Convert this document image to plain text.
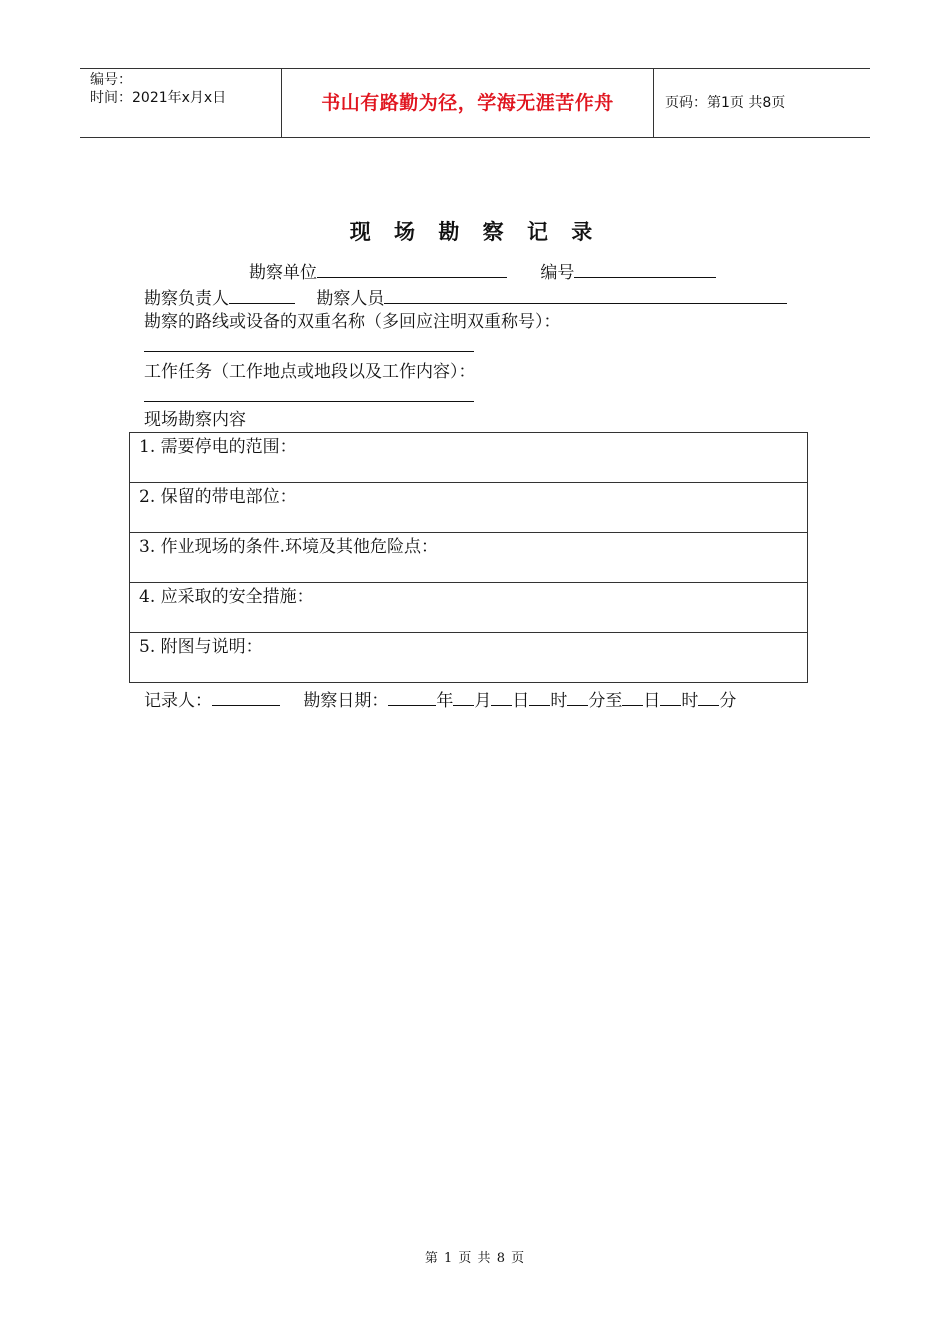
编号：
时间：2021年x月x日	书山有路勤为径，学海无涯苦作舟	页码：第1页 共8页
现 场 勘 察 记 录
勘察单位	编号
勘察负责人	勘察人员
勘察的路线或设备的双重名称（多回应注明双重称号）：
工作任务（工作地点或地段以及工作内容）：
现场勘察内容
1. 需要停电的范围：
2. 保留的带电部位：
3. 作业现场的条件.环境及其他危险点：
4. 应采取的安全措施：
5. 附图与说明：
记录人：	勘察日期：	年 月 日 时 分至 日 时 分
第 1 页 共 8 页
